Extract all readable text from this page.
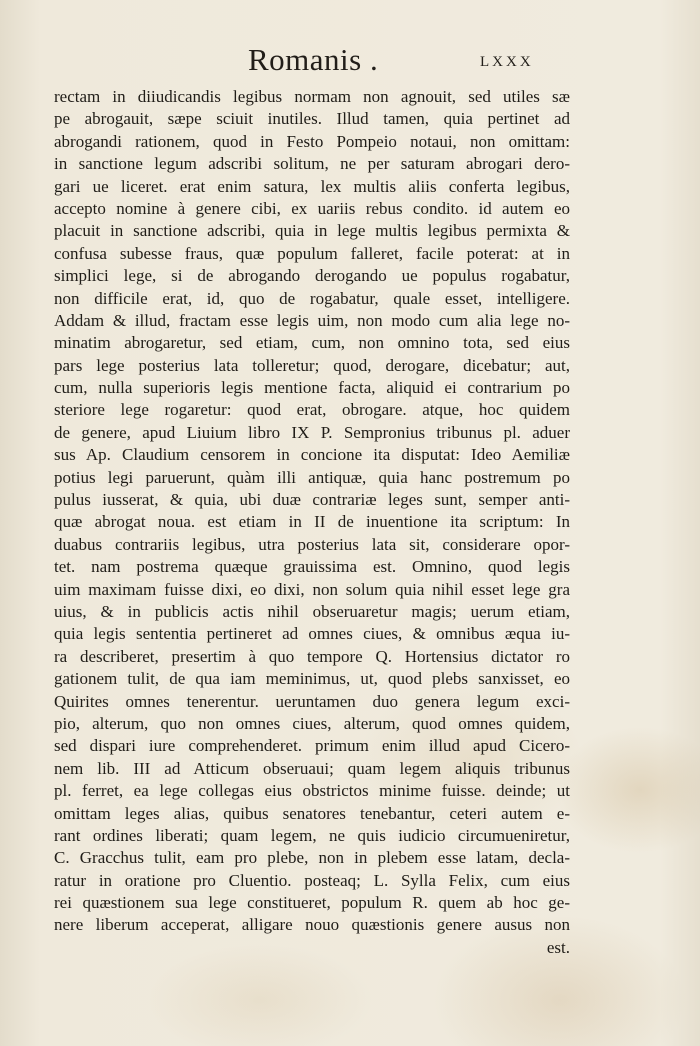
Romanis .	LXXX
rectam in diiudicandis legibus normam non agnouit, sed utiles sæ
pe abrogauit, sæpe sciuit inutiles. Illud tamen, quia pertinet ad
abrogandi rationem, quod in Festo Pompeio notaui, non omittam:
in sanctione legum adscribi solitum, ne per saturam abrogari dero-
gari ue liceret. erat enim satura, lex multis aliis conferta legibus,
accepto nomine à genere cibi, ex uariis rebus condito. id autem eo
placuit in sanctione adscribi, quia in lege multis legibus permixta &
confusa subesse fraus, quæ populum falleret, facile poterat: at in
simplici lege, si de abrogando derogando ue populus rogabatur,
non difficile erat, id, quo de rogabatur, quale esset, intelligere.
Addam & illud, fractam esse legis uim, non modo cum alia lege no-
minatim abrogaretur, sed etiam, cum, non omnino tota, sed eius
pars lege posterius lata tolleretur; quod, derogare, dicebatur; aut,
cum, nulla superioris legis mentione facta, aliquid ei contrarium po
steriore lege rogaretur: quod erat, obrogare. atque, hoc quidem
de genere, apud Liuium libro IX P. Sempronius tribunus pl. aduer
sus Ap. Claudium censorem in concione ita disputat: Ideo Aemiliæ
potius legi paruerunt, quàm illi antiquæ, quia hanc postremum po
pulus iusserat, & quia, ubi duæ contrariæ leges sunt, semper anti-
quæ abrogat noua. est etiam in II de inuentione ita scriptum: In
duabus contrariis legibus, utra posterius lata sit, considerare opor-
tet. nam postrema quæque grauissima est. Omnino, quod legis
uim maximam fuisse dixi, eo dixi, non solum quia nihil esset lege gra
uius, & in publicis actis nihil obseruaretur magis; uerum etiam,
quia legis sententia pertineret ad omnes ciues, & omnibus æqua iu-
ra describeret, presertim à quo tempore Q. Hortensius dictator ro
gationem tulit, de qua iam meminimus, ut, quod plebs sanxisset, eo
Quirites omnes tenerentur. ueruntamen duo genera legum exci-
pio, alterum, quo non omnes ciues, alterum, quod omnes quidem,
sed dispari iure comprehenderet. primum enim illud apud Cicero-
nem lib. III ad Atticum obseruaui; quam legem aliquis tribunus
pl. ferret, ea lege collegas eius obstrictos minime fuisse. deinde; ut
omittam leges alias, quibus senatores tenebantur, ceteri autem e-
rant ordines liberati; quam legem, ne quis iudicio circumueniretur,
C. Gracchus tulit, eam pro plebe, non in plebem esse latam, decla-
ratur in oratione pro Cluentio. posteaq; L. Sylla Felix, cum eius
rei quæstionem sua lege constitueret, populum R. quem ab hoc ge-
nere liberum acceperat, alligare nouo quæstionis genere ausus non
est.
